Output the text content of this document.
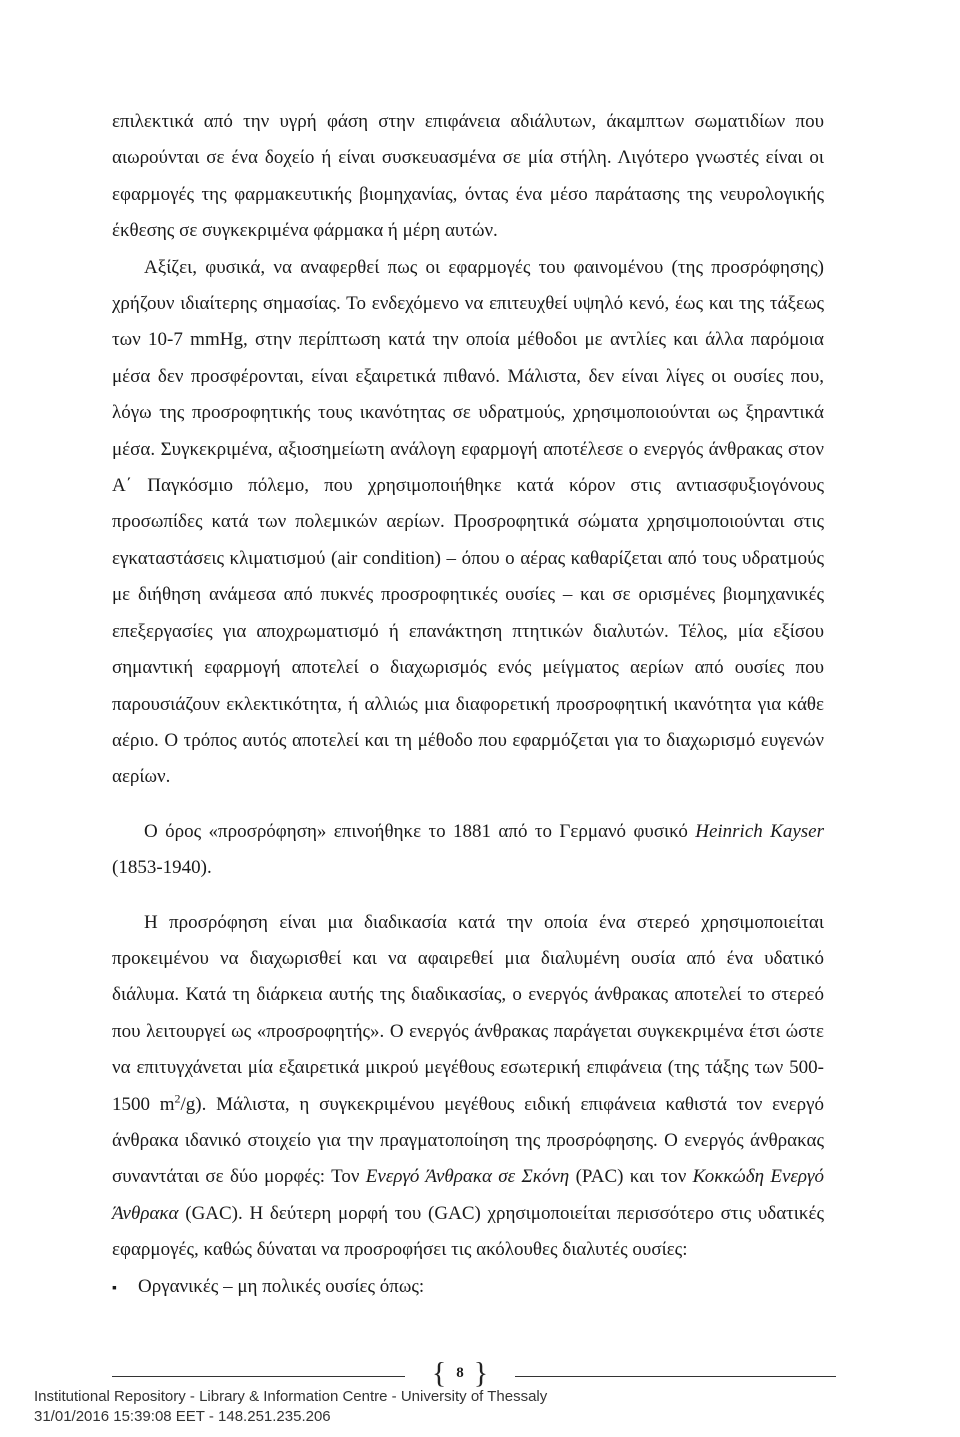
επιλεκτικά από την υγρή φάση στην επιφάνεια αδιάλυτων, άκαμπτων σωματιδίων που αιωρούνται σε ένα δοχείο ή είναι συσκευασμένα σε μία στήλη. Λιγότερο γνωστές είναι οι εφαρμογές της φαρμακευτικής βιομηχανίας, όντας ένα μέσο παράτασης της νευρολογικής έκθεσης σε συγκεκριμένα φάρμακα ή μέρη αυτών.

Αξίζει, φυσικά, να αναφερθεί πως οι εφαρμογές του φαινομένου (της προσρόφησης) χρήζουν ιδιαίτερης σημασίας. Το ενδεχόμενο να επιτευχθεί υψηλό κενό, έως και της τάξεως των 10-7 mmHg, στην περίπτωση κατά την οποία μέθοδοι με αντλίες και άλλα παρόμοια μέσα δεν προσφέρονται, είναι εξαιρετικά πιθανό. Μάλιστα, δεν είναι λίγες οι ουσίες που, λόγω της προσροφητικής τους ικανότητας σε υδρατμούς, χρησιμοποιούνται ως ξηραντικά μέσα. Συγκεκριμένα, αξιοσημείωτη ανάλογη εφαρμογή αποτέλεσε ο ενεργός άνθρακας στον Α΄ Παγκόσμιο πόλεμο, που χρησιμοποιήθηκε κατά κόρον στις αντιασφυξιογόνους προσωπίδες κατά των πολεμικών αερίων. Προσροφητικά σώματα χρησιμοποιούνται στις εγκαταστάσεις κλιματισμού (air condition) – όπου ο αέρας καθαρίζεται από τους υδρατμούς με διήθηση ανάμεσα από πυκνές προσροφητικές ουσίες – και σε ορισμένες βιομηχανικές επεξεργασίες για αποχρωματισμό ή επανάκτηση πτητικών διαλυτών. Τέλος, μία εξίσου σημαντική εφαρμογή αποτελεί ο διαχωρισμός ενός μείγματος αερίων από ουσίες που παρουσιάζουν εκλεκτικότητα, ή αλλιώς μια διαφορετική προσροφητική ικανότητα για κάθε αέριο. Ο τρόπος αυτός αποτελεί και τη μέθοδο που εφαρμόζεται για το διαχωρισμό ευγενών αερίων.

Ο όρος «προσρόφηση» επινοήθηκε το 1881 από το Γερμανό φυσικό Heinrich Kayser (1853-1940).

Η προσρόφηση είναι μια διαδικασία κατά την οποία ένα στερεό χρησιμοποιείται προκειμένου να διαχωρισθεί και να αφαιρεθεί μια διαλυμένη ουσία από ένα υδατικό διάλυμα. Κατά τη διάρκεια αυτής της διαδικασίας, ο ενεργός άνθρακας αποτελεί το στερεό που λειτουργεί ως «προσροφητής». Ο ενεργός άνθρακας παράγεται συγκεκριμένα έτσι ώστε να επιτυγχάνεται μία εξαιρετικά μικρού μεγέθους εσωτερική επιφάνεια (της τάξης των 500-1500 $m^2/g$). Μάλιστα, η συγκεκριμένου μεγέθους ειδική επιφάνεια καθιστά τον ενεργό άνθρακα ιδανικό στοιχείο για την πραγματοποίηση της προσρόφησης. Ο ενεργός άνθρακας συναντάται σε δύο μορφές: Τον Ενεργό Άνθρακα σε Σκόνη (PAC) και τον Κοκκώδη Ενεργό Άνθρακα (GAC). Η δεύτερη μορφή του (GAC) χρησιμοποιείται περισσότερο στις υδατικές εφαρμογές, καθώς δύναται να προσροφήσει τις ακόλουθες διαλυτές ουσίες:

▪	Οργανικές – μη πολικές ουσίες όπως:
{ 8 }
Institutional Repository - Library & Information Centre - University of Thessaly
31/01/2016 15:39:08 EET - 148.251.235.206
